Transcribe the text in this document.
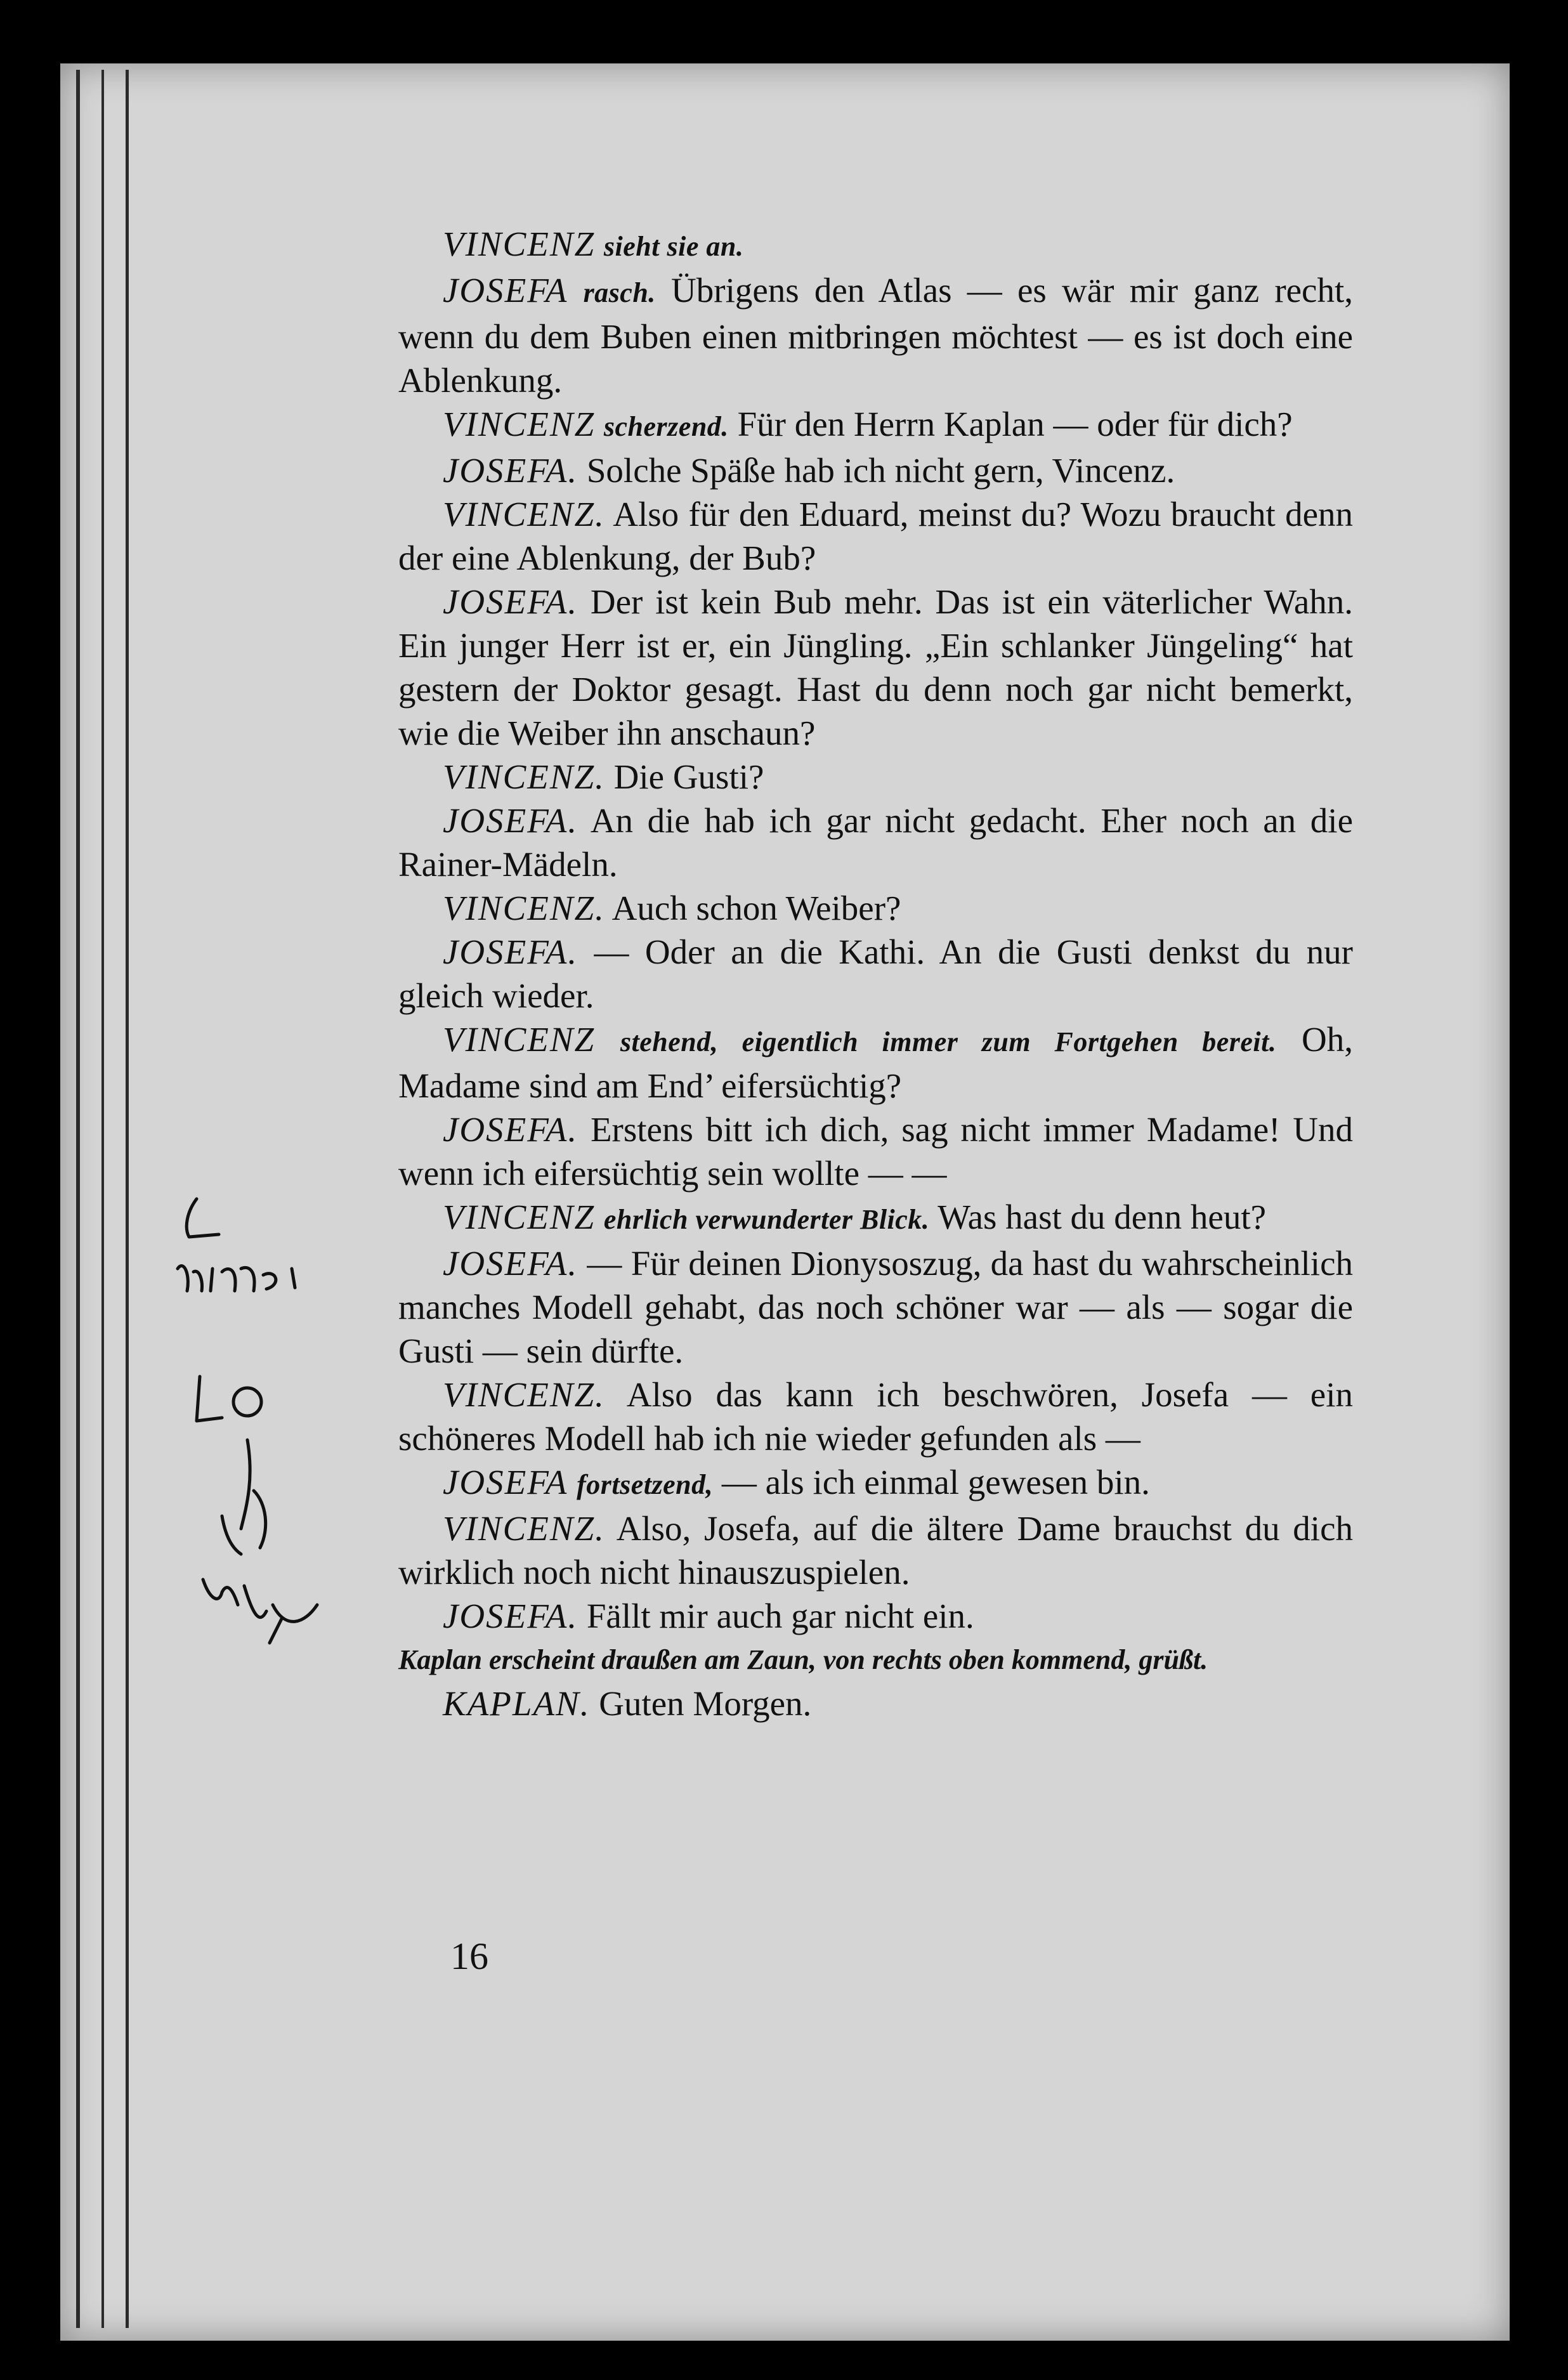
VINCENZ sieht sie an.

JOSEFA rasch. Übrigens den Atlas — es wär mir ganz recht, wenn du dem Buben einen mitbringen möchtest — es ist doch eine Ablenkung.

VINCENZ scherzend. Für den Herrn Kaplan — oder für dich?

JOSEFA. Solche Späße hab ich nicht gern, Vincenz.

VINCENZ. Also für den Eduard, meinst du? Wozu braucht denn der eine Ablenkung, der Bub?

JOSEFA. Der ist kein Bub mehr. Das ist ein väterlicher Wahn. Ein junger Herr ist er, ein Jüngling. „Ein schlanker Jüngeling“ hat gestern der Doktor gesagt. Hast du denn noch gar nicht bemerkt, wie die Weiber ihn anschaun?

VINCENZ. Die Gusti?

JOSEFA. An die hab ich gar nicht gedacht. Eher noch an die Rainer-Mädeln.

VINCENZ. Auch schon Weiber?

JOSEFA. — Oder an die Kathi. An die Gusti denkst du nur gleich wieder.

VINCENZ stehend, eigentlich immer zum Fortgehen bereit. Oh, Madame sind am End’ eifersüchtig?

JOSEFA. Erstens bitt ich dich, sag nicht immer Madame! Und wenn ich eifersüchtig sein wollte — —

VINCENZ ehrlich verwunderter Blick. Was hast du denn heut?

JOSEFA. — Für deinen Dionysoszug, da hast du wahrscheinlich manches Modell gehabt, das noch schöner war — als — sogar die Gusti — sein dürfte.

VINCENZ. Also das kann ich beschwören, Josefa — ein schöneres Modell hab ich nie wieder gefunden als —

JOSEFA fortsetzend, — als ich einmal gewesen bin.

VINCENZ. Also, Josefa, auf die ältere Dame brauchst du dich wirklich noch nicht hinauszuspielen.

JOSEFA. Fällt mir auch gar nicht ein.

Kaplan erscheint draußen am Zaun, von rechts oben kommend, grüßt.

KAPLAN. Guten Morgen.

16
